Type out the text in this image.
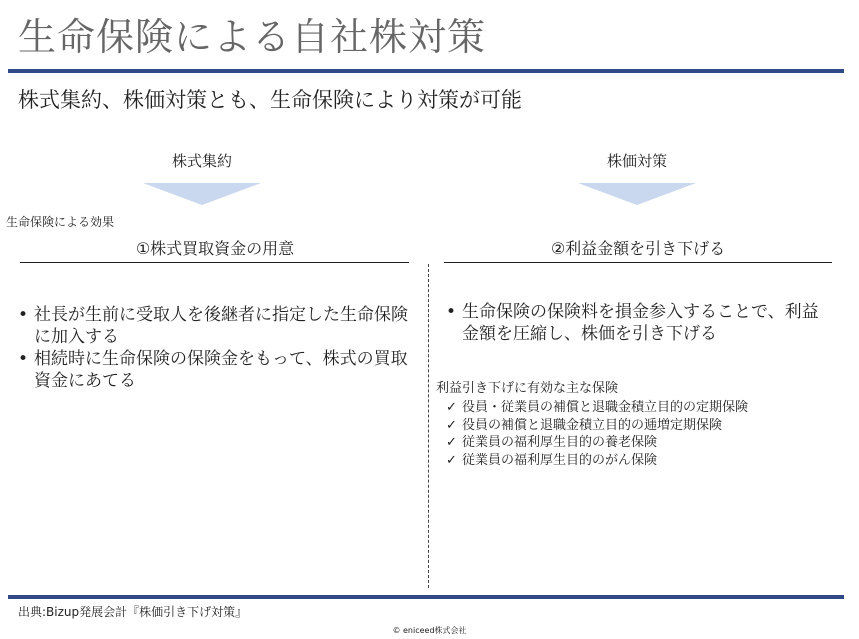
生命保険による自社株対策
株式集約、株価対策とも、生命保険により対策が可能
株式集約	株価対策
生命保険による効果
①株式買取資金の用意	②利益金額を引き下げる
• 社長が生前に受取人を後継者に指定した生命保険に加入する
• 相続時に生命保険の保険金をもって、株式の買取資金にあてる
• 生命保険の保険料を損金参入することで、利益金額を圧縮し、株価を引き下げる
利益引き下げに有効な主な保険
✓ 役員・従業員の補償と退職金積立目的の定期保険
✓ 役員の補償と退職金積立目的の逓増定期保険
✓ 従業員の福利厚生目的の養老保険
✓ 従業員の福利厚生目的のがん保険
出典:Bizup発展会計『株価引き下げ対策』
© eniceed株式会社
